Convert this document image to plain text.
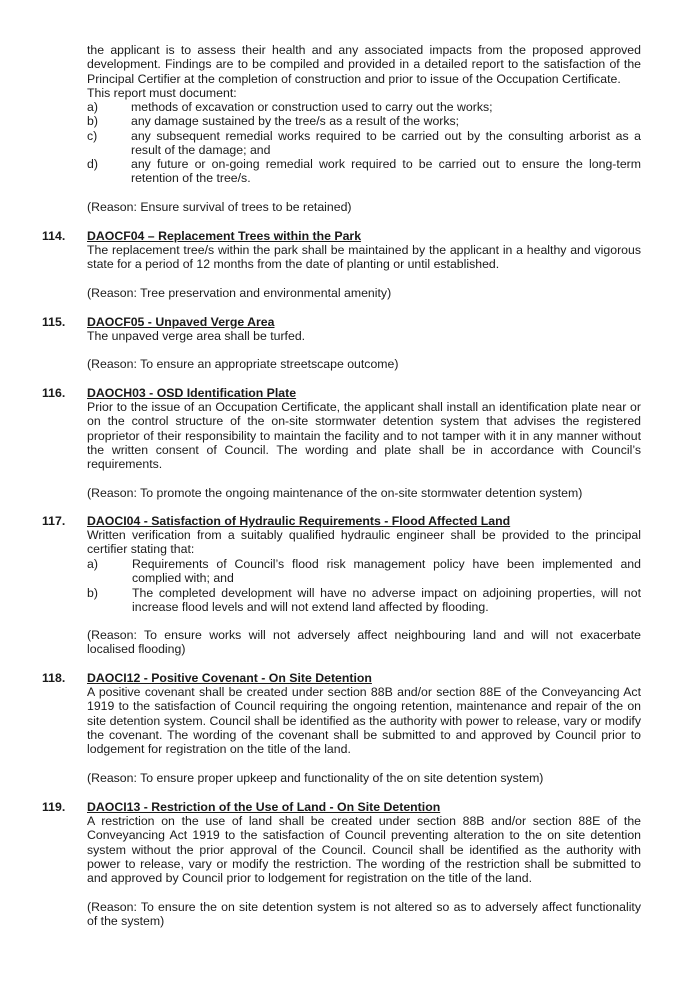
the applicant is to assess their health and any associated impacts from the proposed approved development. Findings are to be compiled and provided in a detailed report to the satisfaction of the Principal Certifier at the completion of construction and prior to issue of the Occupation Certificate.

This report must document:

a)	methods of excavation or construction used to carry out the works;
b)	any damage sustained by the tree/s as a result of the works;
c)	any subsequent remedial works required to be carried out by the consulting arborist as a result of the damage; and
d)	any future or on-going remedial work required to be carried out to ensure the long-term retention of the tree/s.

(Reason: Ensure survival of trees to be retained)

114. DAOCF04 – Replacement Trees within the Park

The replacement tree/s within the park shall be maintained by the applicant in a healthy and vigorous state for a period of 12 months from the date of planting or until established.

(Reason: Tree preservation and environmental amenity)

115. DAOCF05 - Unpaved Verge Area

The unpaved verge area shall be turfed.

(Reason: To ensure an appropriate streetscape outcome)

116. DAOCH03 - OSD Identification Plate

Prior to the issue of an Occupation Certificate, the applicant shall install an identification plate near or on the control structure of the on-site stormwater detention system that advises the registered proprietor of their responsibility to maintain the facility and to not tamper with it in any manner without the written consent of Council. The wording and plate shall be in accordance with Council’s requirements.

(Reason: To promote the ongoing maintenance of the on-site stormwater detention system)

117. DAOCI04 - Satisfaction of Hydraulic Requirements - Flood Affected Land

Written verification from a suitably qualified hydraulic engineer shall be provided to the principal certifier stating that:

a)	Requirements of Council’s flood risk management policy have been implemented and complied with; and
b)	The completed development will have no adverse impact on adjoining properties, will not increase flood levels and will not extend land affected by flooding.

(Reason: To ensure works will not adversely affect neighbouring land and will not exacerbate localised flooding)

118. DAOCI12 - Positive Covenant - On Site Detention

A positive covenant shall be created under section 88B and/or section 88E of the Conveyancing Act 1919 to the satisfaction of Council requiring the ongoing retention, maintenance and repair of the on site detention system. Council shall be identified as the authority with power to release, vary or modify the covenant. The wording of the covenant shall be submitted to and approved by Council prior to lodgement for registration on the title of the land.

(Reason: To ensure proper upkeep and functionality of the on site detention system)

119. DAOCI13 - Restriction of the Use of Land - On Site Detention

A restriction on the use of land shall be created under section 88B and/or section 88E of the Conveyancing Act 1919 to the satisfaction of Council preventing alteration to the on site detention system without the prior approval of the Council. Council shall be identified as the authority with power to release, vary or modify the restriction. The wording of the restriction shall be submitted to and approved by Council prior to lodgement for registration on the title of the land.

(Reason: To ensure the on site detention system is not altered so as to adversely affect functionality of the system)
